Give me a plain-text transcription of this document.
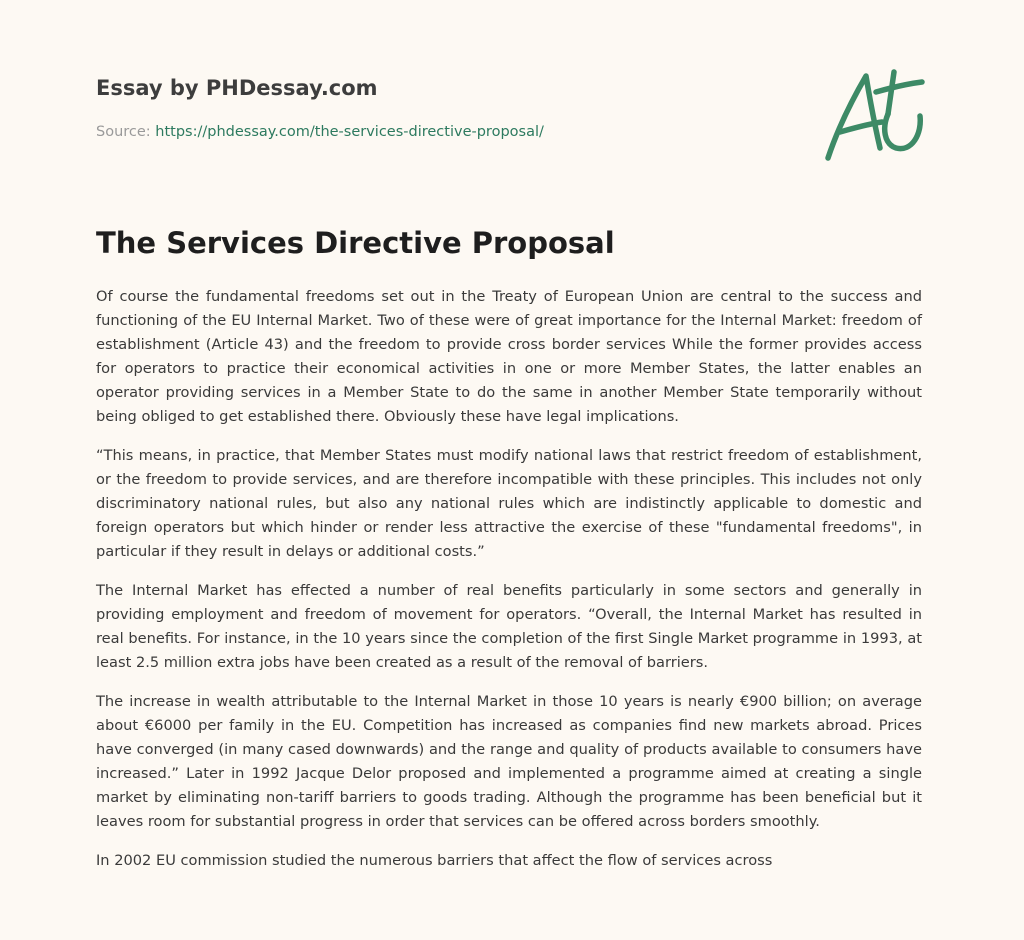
Essay by PHDessay.com

Source: https://phdessay.com/the-services-directive-proposal/

The Services Directive Proposal

Of course the fundamental freedoms set out in the Treaty of European Union are central to the success and functioning of the EU Internal Market. Two of these were of great importance for the Internal Market: freedom of establishment (Article 43) and the freedom to provide cross border services While the former provides access for operators to practice their economical activities in one or more Member States, the latter enables an operator providing services in a Member State to do the same in another Member State temporarily without being obliged to get established there. Obviously these have legal implications.

“This means, in practice, that Member States must modify national laws that restrict freedom of establishment, or the freedom to provide services, and are therefore incompatible with these principles. This includes not only discriminatory national rules, but also any national rules which are indistinctly applicable to domestic and foreign operators but which hinder or render less attractive the exercise of these "fundamental freedoms", in particular if they result in delays or additional costs.”

The Internal Market has effected a number of real benefits particularly in some sectors and generally in providing employment and freedom of movement for operators. “Overall, the Internal Market has resulted in real benefits. For instance, in the 10 years since the completion of the first Single Market programme in 1993, at least 2.5 million extra jobs have been created as a result of the removal of barriers.

The increase in wealth attributable to the Internal Market in those 10 years is nearly €900 billion; on average about €6000 per family in the EU. Competition has increased as companies find new markets abroad. Prices have converged (in many cased downwards) and the range and quality of products available to consumers have increased.” Later in 1992 Jacque Delor proposed and implemented a programme aimed at creating a single market by eliminating non-tariff barriers to goods trading. Although the programme has been beneficial but it leaves room for substantial progress in order that services can be offered across borders smoothly.

In 2002 EU commission studied the numerous barriers that affect the flow of services across
